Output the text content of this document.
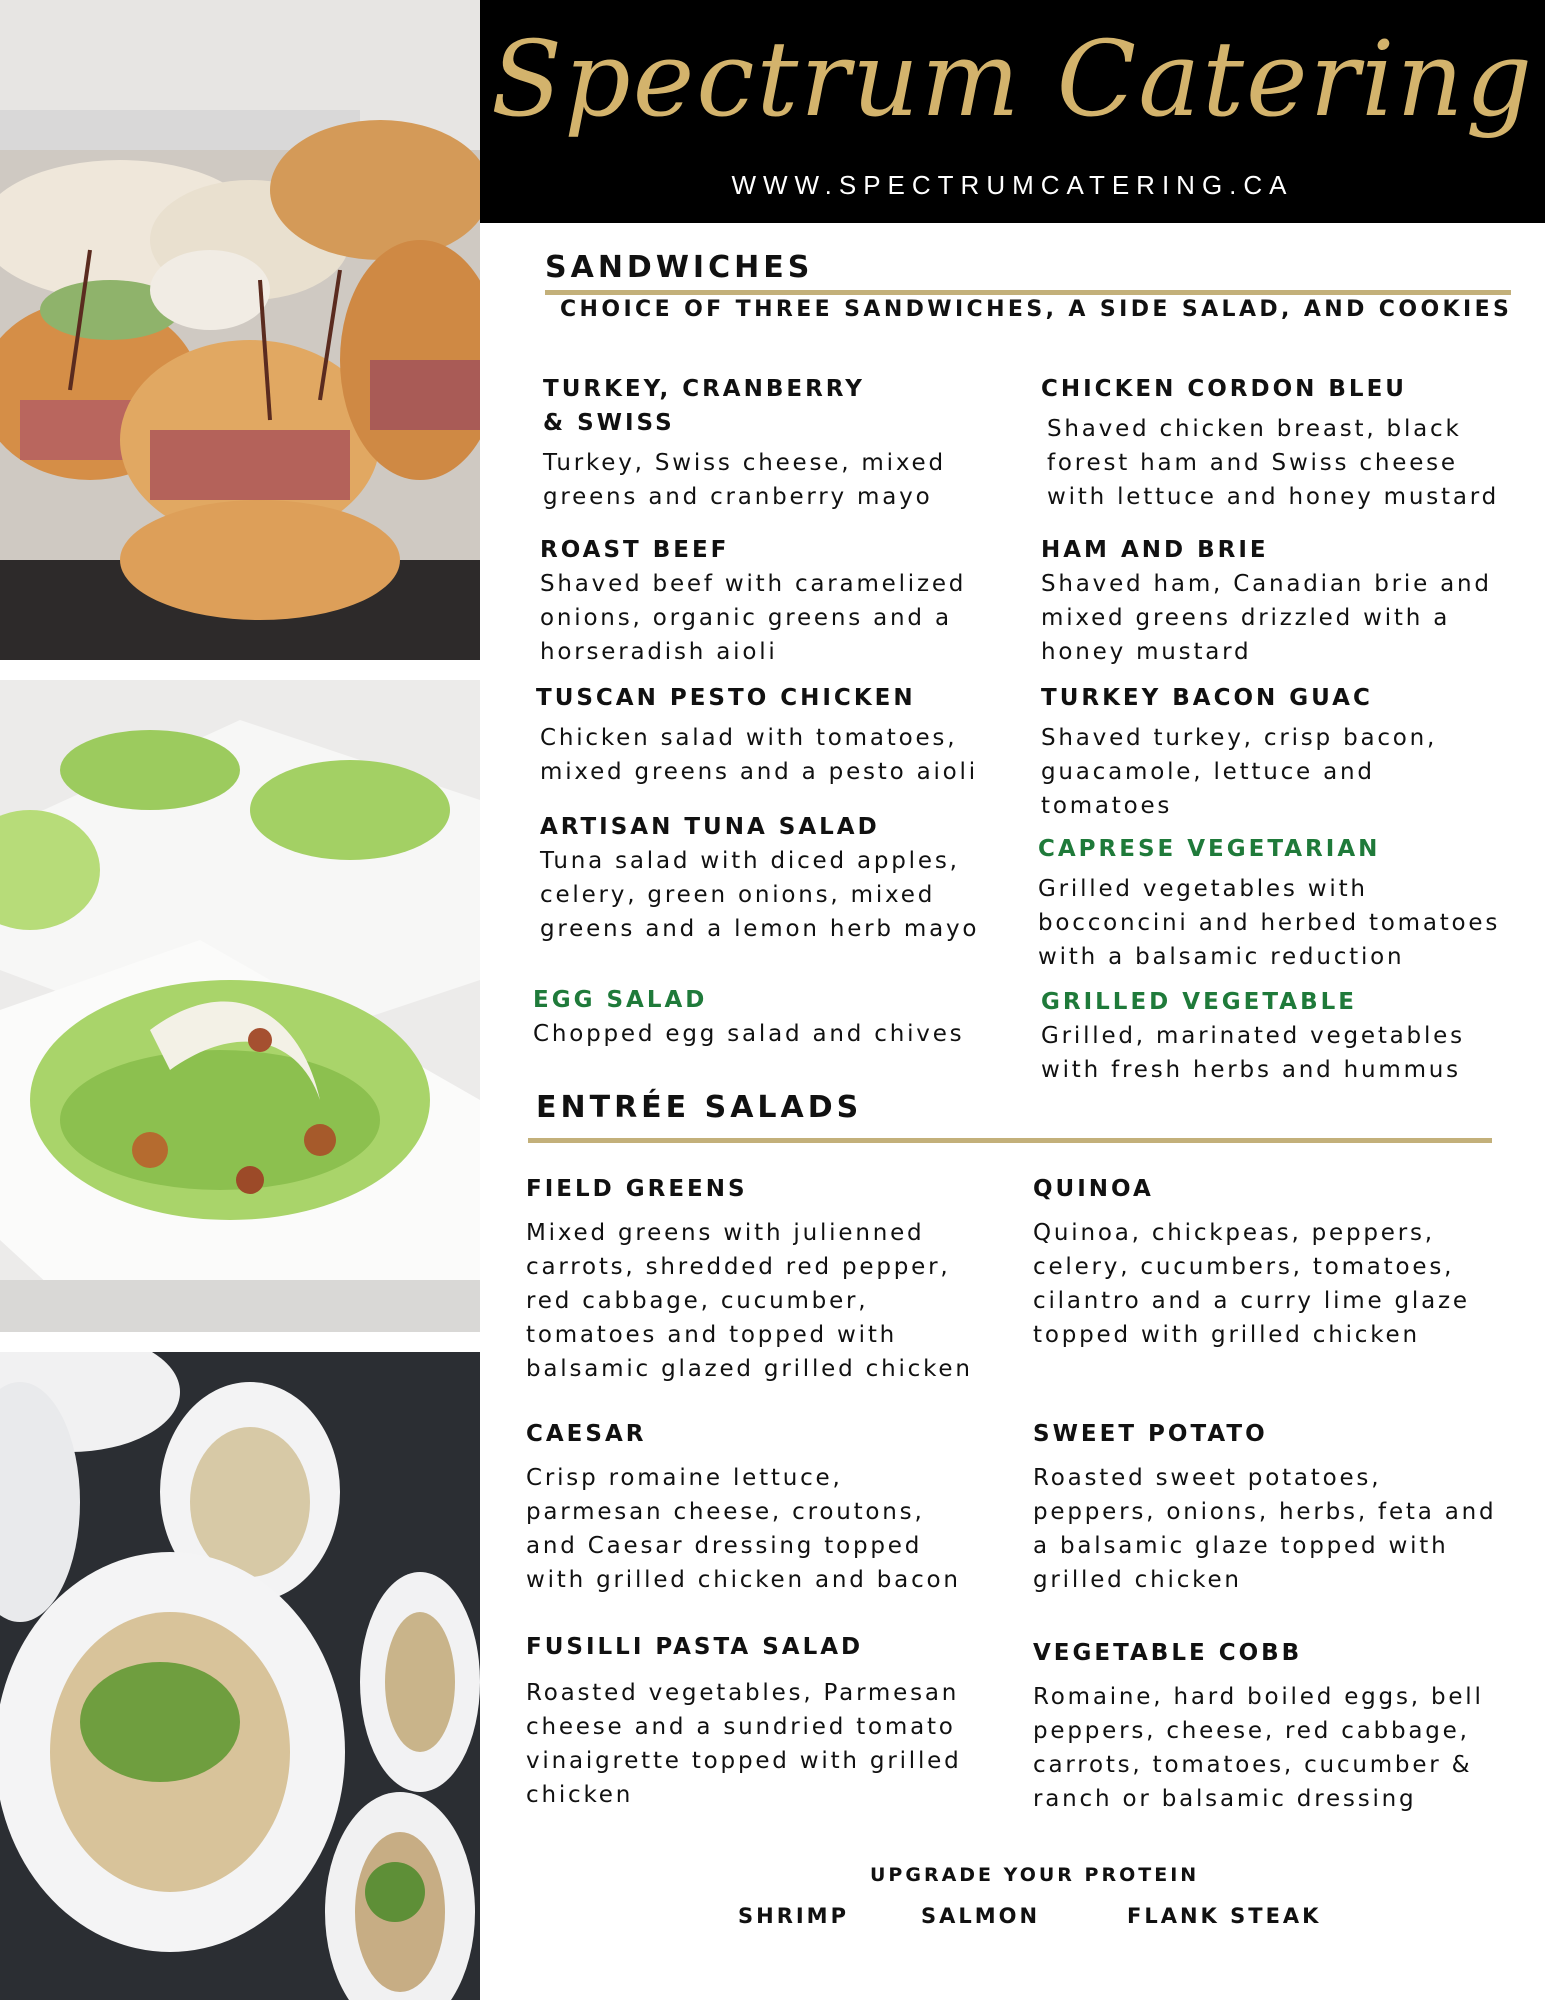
Spectrum Catering
WWW.SPECTRUMCATERING.CA
SANDWICHES
CHOICE OF THREE SANDWICHES, A SIDE SALAD, AND COOKIES
TURKEY, CRANBERRY
& SWISS
Turkey, Swiss cheese, mixed
greens and cranberry mayo
ROAST BEEF
Shaved beef with caramelized
onions, organic greens and a
horseradish aioli
TUSCAN PESTO CHICKEN
Chicken salad with tomatoes,
mixed greens and a pesto aioli
ARTISAN TUNA SALAD
Tuna salad with diced apples,
celery, green onions, mixed
greens and a lemon herb mayo
EGG SALAD
Chopped egg salad and chives
CHICKEN CORDON BLEU
Shaved chicken breast, black
forest ham and Swiss cheese
with lettuce and honey mustard
HAM AND BRIE
Shaved ham, Canadian brie and
mixed greens drizzled with a
honey mustard
TURKEY BACON GUAC
Shaved turkey, crisp bacon,
guacamole, lettuce and
tomatoes
CAPRESE VEGETARIAN
Grilled vegetables with
bocconcini and herbed tomatoes
with a balsamic reduction
GRILLED VEGETABLE
Grilled, marinated vegetables
with fresh herbs and hummus
ENTRÉE SALADS
FIELD GREENS
Mixed greens with julienned
carrots, shredded red pepper,
red cabbage, cucumber,
tomatoes and topped with
balsamic glazed grilled chicken
CAESAR
Crisp romaine lettuce,
parmesan cheese, croutons,
and Caesar dressing topped
with grilled chicken and bacon
FUSILLI PASTA SALAD
Roasted vegetables, Parmesan
cheese and a sundried tomato
vinaigrette topped with grilled
chicken
QUINOA
Quinoa, chickpeas, peppers,
celery, cucumbers, tomatoes,
cilantro and a curry lime glaze
topped with grilled chicken
SWEET POTATO
Roasted sweet potatoes,
peppers, onions, herbs, feta and
a balsamic glaze topped with
grilled chicken
VEGETABLE COBB
Romaine, hard boiled eggs, bell
peppers, cheese, red cabbage,
carrots, tomatoes, cucumber &
ranch or balsamic dressing
UPGRADE YOUR PROTEIN
SHRIMP	SALMON	FLANK STEAK
